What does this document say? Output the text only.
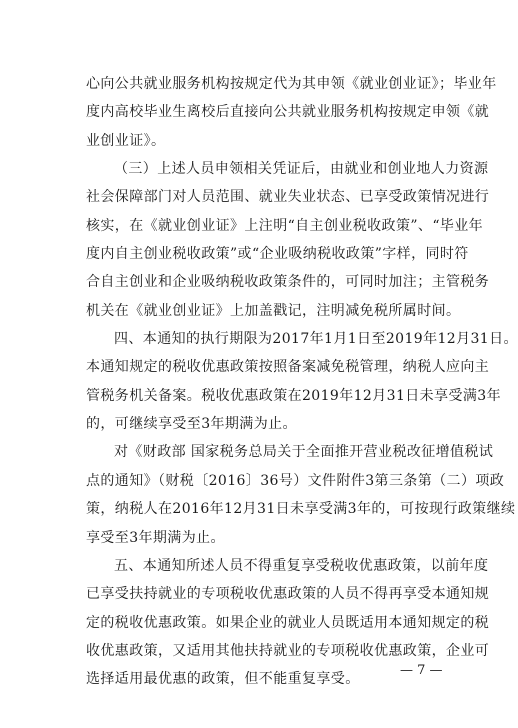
心向公共就业服务机构按规定代为其申领《就业创业证》；毕业年
度内高校毕业生离校后直接向公共就业服务机构按规定申领《就
业创业证》。
（三）上述人员申领相关凭证后，由就业和创业地人力资源
社会保障部门对人员范围、就业失业状态、已享受政策情况进行
核实，在《就业创业证》上注明“自主创业税收政策”、“毕业年
度内自主创业税收政策”或“企业吸纳税收政策”字样，同时符
合自主创业和企业吸纳税收政策条件的，可同时加注；主管税务
机关在《就业创业证》上加盖戳记，注明减免税所属时间。
四、本通知的执行期限为2017年1月1日至2019年12月31日。
本通知规定的税收优惠政策按照备案减免税管理，纳税人应向主
管税务机关备案。税收优惠政策在2019年12月31日未享受满3年
的，可继续享受至3年期满为止。
对《财政部 国家税务总局关于全面推开营业税改征增值税试
点的通知》（财税〔2016〕36号）文件附件3第三条第（二）项政
策，纳税人在2016年12月31日未享受满3年的，可按现行政策继续
享受至3年期满为止。
五、本通知所述人员不得重复享受税收优惠政策，以前年度
已享受扶持就业的专项税收优惠政策的人员不得再享受本通知规
定的税收优惠政策。如果企业的就业人员既适用本通知规定的税
收优惠政策，又适用其他扶持就业的专项税收优惠政策，企业可
选择适用最优惠的政策，但不能重复享受。
— 7 —
